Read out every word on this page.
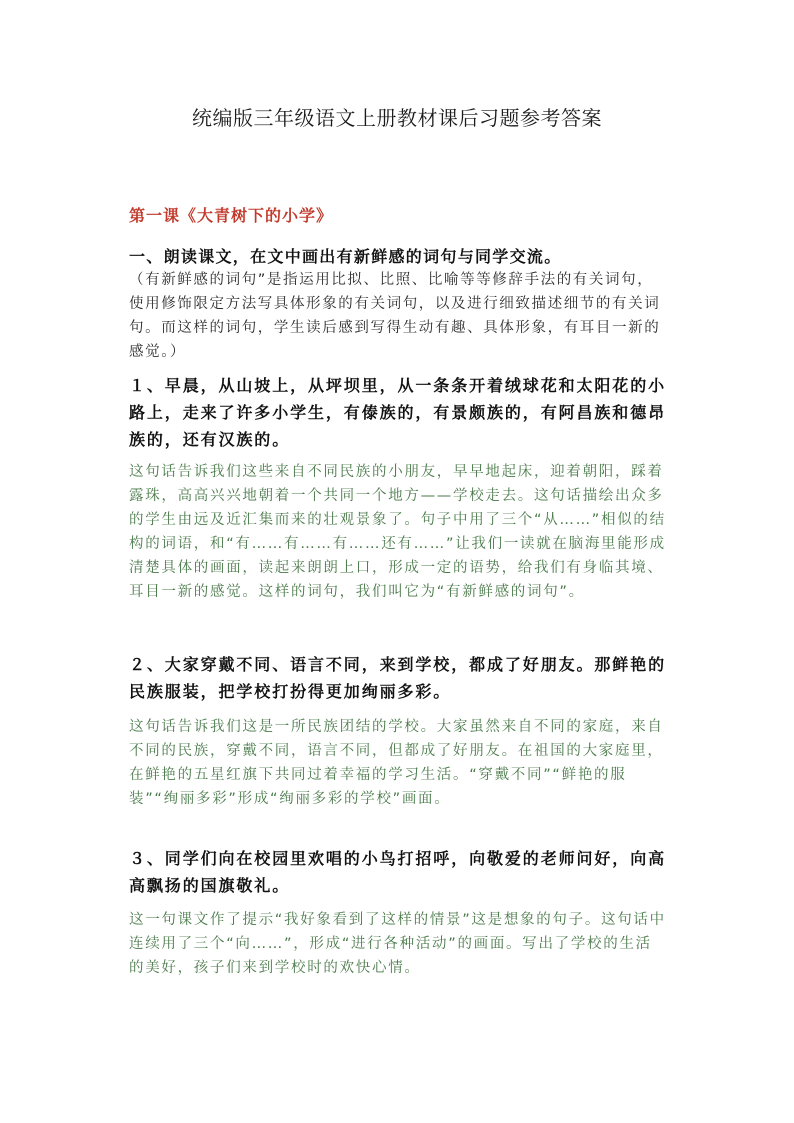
统编版三年级语文上册教材课后习题参考答案
第一课《大青树下的小学》

一、朗读课文，在文中画出有新鲜感的词句与同学交流。

（有新鲜感的词句”是指运用比拟、比照、比喻等等修辞手法的有关词句，使用修饰限定方法写具体形象的有关词句，以及进行细致描述细节的有关词句。而这样的词句，学生读后感到写得生动有趣、具体形象，有耳目一新的感觉。）

１、早晨，从山坡上，从坪坝里，从一条条开着绒球花和太阳花的小路上，走来了许多小学生，有傣族的，有景颇族的，有阿昌族和德昂族的，还有汉族的。

这句话告诉我们这些来自不同民族的小朋友，早早地起床，迎着朝阳，踩着露珠，高高兴兴地朝着一个共同一个地方——学校走去。这句话描绘出众多的学生由远及近汇集而来的壮观景象了。句子中用了三个“从……”相似的结构的词语，和“有……有……有……还有……”让我们一读就在脑海里能形成清楚具体的画面，读起来朗朗上口，形成一定的语势，给我们有身临其境、耳目一新的感觉。这样的词句，我们叫它为“有新鲜感的词句”。

２、大家穿戴不同、语言不同，来到学校，都成了好朋友。那鲜艳的民族服装，把学校打扮得更加绚丽多彩。

这句话告诉我们这是一所民族团结的学校。大家虽然来自不同的家庭，来自不同的民族，穿戴不同，语言不同，但都成了好朋友。在祖国的大家庭里，在鲜艳的五星红旗下共同过着幸福的学习生活。“穿戴不同”“鲜艳的服装”“绚丽多彩”形成“绚丽多彩的学校”画面。

３、同学们向在校园里欢唱的小鸟打招呼，向敬爱的老师问好，向高高飘扬的国旗敬礼。

这一句课文作了提示“我好象看到了这样的情景”这是想象的句子。这句话中连续用了三个“向……”，形成“进行各种活动”的画面。写出了学校的生活的美好，孩子们来到学校时的欢快心情。
